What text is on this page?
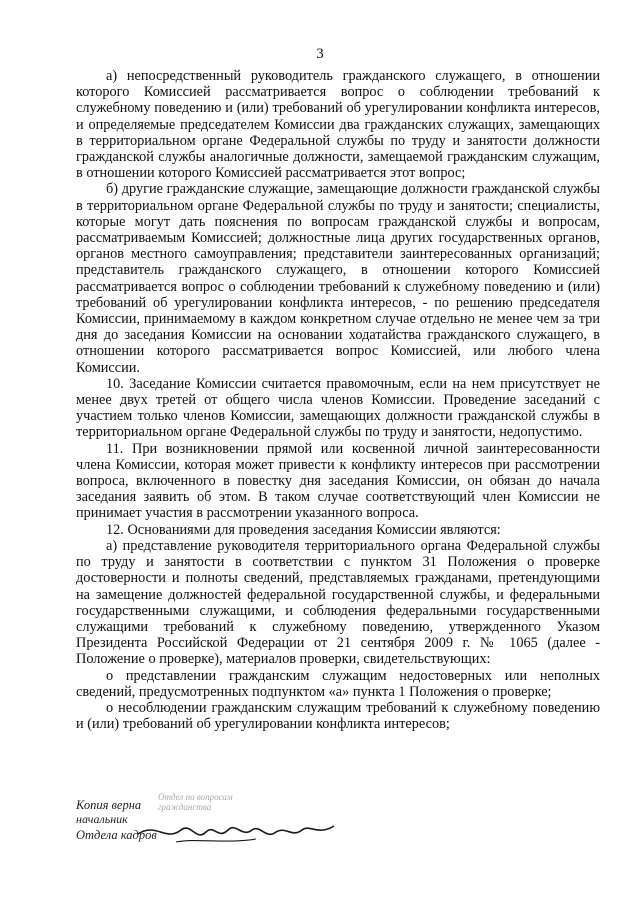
3

а) непосредственный руководитель гражданского служащего, в отношении которого Комиссией рассматривается вопрос о соблюдении требований к служебному поведению и (или) требований об урегулировании конфликта интересов, и определяемые председателем Комиссии два гражданских служащих, замещающих в территориальном органе Федеральной службы по труду и занятости должности гражданской службы аналогичные должности, замещаемой гражданским служащим, в отношении которого Комиссией рассматривается этот вопрос;

б) другие гражданские служащие, замещающие должности гражданской службы в территориальном органе Федеральной службы по труду и занятости; специалисты, которые могут дать пояснения по вопросам гражданской службы и вопросам, рассматриваемым Комиссией; должностные лица других государственных органов, органов местного самоуправления; представители заинтересованных организаций; представитель гражданского служащего, в отношении которого Комиссией рассматривается вопрос о соблюдении требований к служебному поведению и (или) требований об урегулировании конфликта интересов, - по решению председателя Комиссии, принимаемому в каждом конкретном случае отдельно не менее чем за три дня до заседания Комиссии на основании ходатайства гражданского служащего, в отношении которого рассматривается вопрос Комиссией, или любого члена Комиссии.

10. Заседание Комиссии считается правомочным, если на нем присутствует не менее двух третей от общего числа членов Комиссии. Проведение заседаний с участием только членов Комиссии, замещающих должности гражданской службы в территориальном органе Федеральной службы по труду и занятости, недопустимо.

11. При возникновении прямой или косвенной личной заинтересованности члена Комиссии, которая может привести к конфликту интересов при рассмотрении вопроса, включенного в повестку дня заседания Комиссии, он обязан до начала заседания заявить об этом. В таком случае соответствующий член Комиссии не принимает участия в рассмотрении указанного вопроса.

12. Основаниями для проведения заседания Комиссии являются:

а) представление руководителя территориального органа Федеральной службы по труду и занятости в соответствии с пунктом 31 Положения о проверке достоверности и полноты сведений, представляемых гражданами, претендующими на замещение должностей федеральной государственной службы, и федеральными государственными служащими, и соблюдения федеральными государственными служащими требований к служебному поведению, утвержденного Указом Президента Российской Федерации от 21 сентября 2009 г. № 1065 (далее - Положение о проверке), материалов проверки, свидетельствующих:

о представлении гражданским служащим недостоверных или неполных сведений, предусмотренных подпунктом «а» пункта 1 Положения о проверке;

о несоблюдении гражданским служащим требований к служебному поведению и (или) требований об урегулировании конфликта интересов;

Отдел по вопросам гражданства
Копия верна
начальник
Отдела кадров
